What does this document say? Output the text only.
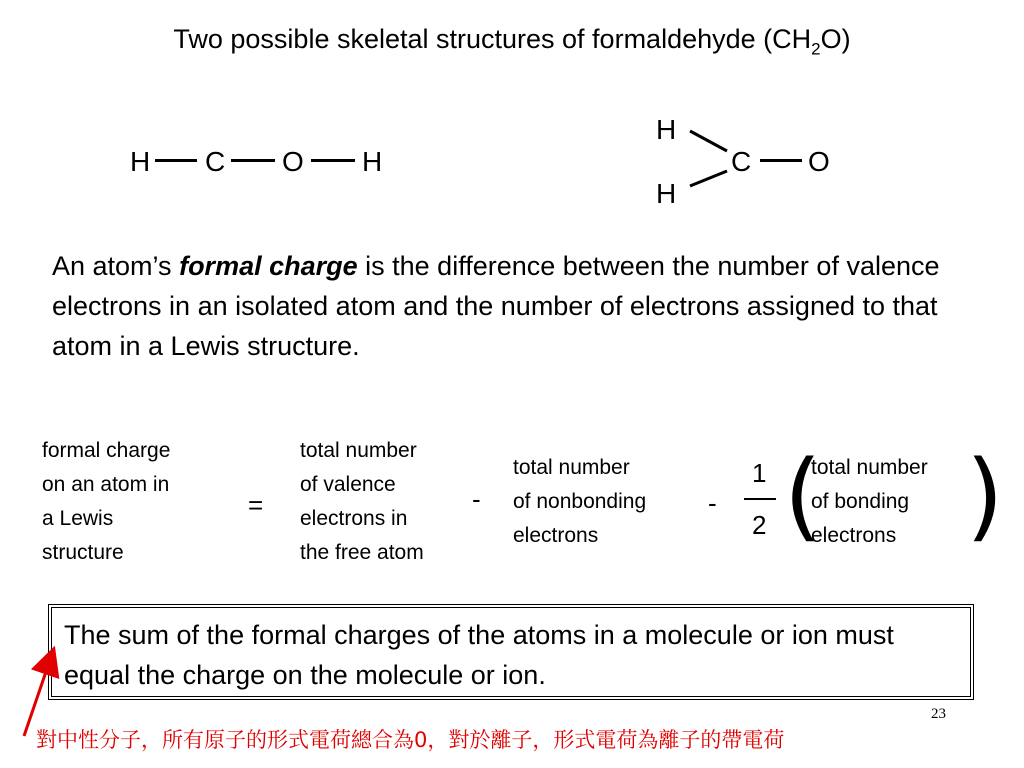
Two possible skeletal structures of formaldehyde $(CH_2O)$
H C O H
H
H
C O
An atom’s formal charge is the difference between the number of valence electrons in an isolated atom and the number of electrons assigned to that atom in a Lewis structure.
formal charge
on an atom in
a Lewis
structure
=
total number
of valence
electrons in
the free atom
-
total number
of nonbonding
electrons
-
1
2 (
total number
of bonding
electrons )
The sum of the formal charges of the atoms in a molecule or ion must equal the charge on the molecule or ion.
23
對中性分子，所有原子的形式電荷總合為0，對於離子，形式電荷為離子的帶電荷
